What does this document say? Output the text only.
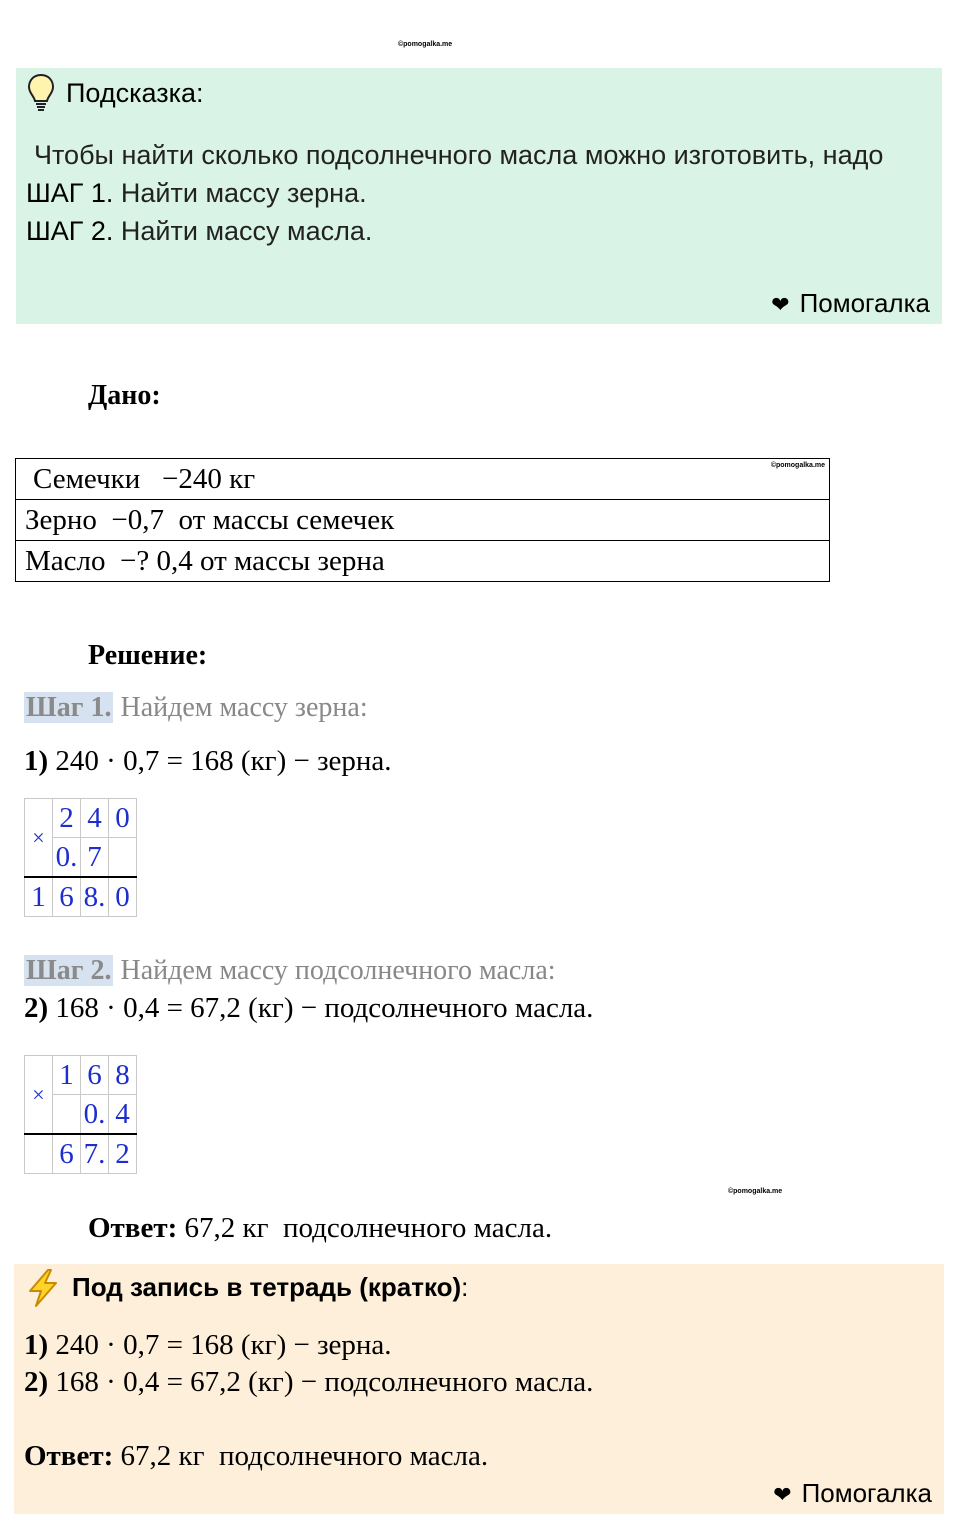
©pomogalka.me
Подсказка:
Чтобы найти сколько подсолнечного масла можно изготовить, надо
ШАГ 1. Найти массу зерна.
ШАГ 2. Найти массу масла.
❤ Помогалка
Дано:
Семечки   −240 кг	©pomogalka.me

Зерно  −0,7  от массы семечек
Масло  −? 0,4 от массы зерна
Решение:
Шаг 1. Найдем массу зерна:
1) 240 · 0,7 = 168 (кг) − зерна.
×	2	4	0
	0.	7	
1	6	8.	0
Шаг 2. Найдем массу подсолнечного масла:
2) 168 · 0,4 = 67,2 (кг) − подсолнечного масла.
×	1	6	8
		0.	4
	6	7.	2
©pomogalka.me
Ответ: 67,2 кг  подсолнечного масла.
Под запись в тетрадь (кратко):
1) 240 · 0,7 = 168 (кг) − зерна.
2) 168 · 0,4 = 67,2 (кг) − подсолнечного масла.
Ответ: 67,2 кг  подсолнечного масла.
❤ Помогалка
